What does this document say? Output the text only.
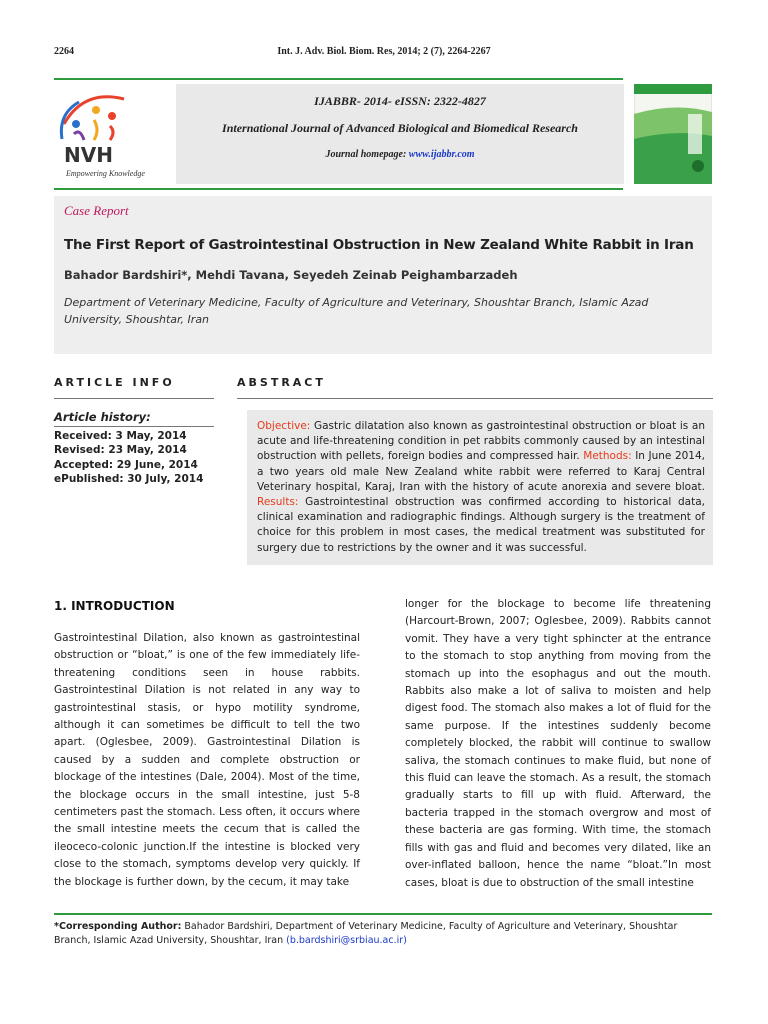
2264	Int. J. Adv. Biol. Biom. Res, 2014; 2 (7), 2264-2267
NVH
Empowering Knowledge
IJABBR- 2014- eISSN: 2322-4827
International Journal of Advanced Biological and Biomedical Research
Journal homepage: www.ijabbr.com
Case Report
The First Report of Gastrointestinal Obstruction in New Zealand White Rabbit in Iran
Bahador Bardshiri*, Mehdi Tavana, Seyedeh Zeinab Peighambarzadeh
Department of Veterinary Medicine, Faculty of Agriculture and Veterinary, Shoushtar Branch, Islamic Azad University, Shoushtar, Iran
ARTICLE INFO	ABSTRACT
Article history:
Received: 3 May, 2014
Revised: 23 May, 2014
Accepted: 29 June, 2014
ePublished: 30 July, 2014
Objective: Gastric dilatation also known as gastrointestinal obstruction or bloat is an acute and life-threatening condition in pet rabbits commonly caused by an intestinal obstruction with pellets, foreign bodies and compressed hair. Methods: In June 2014, a two years old male New Zealand white rabbit were referred to Karaj Central Veterinary hospital, Karaj, Iran with the history of acute anorexia and severe bloat. Results: Gastrointestinal obstruction was confirmed according to historical data, clinical examination and radiographic findings. Although surgery is the treatment of choice for this problem in most cases, the medical treatment was substituted for surgery due to restrictions by the owner and it was successful.
1. INTRODUCTION
Gastrointestinal Dilation, also known as gastrointestinal obstruction or “bloat,” is one of the few immediately life-threatening conditions seen in house rabbits. Gastrointestinal Dilation is not related in any way to gastrointestinal stasis, or hypo motility syndrome, although it can sometimes be difficult to tell the two apart. (Oglesbee, 2009). Gastrointestinal Dilation is caused by a sudden and complete obstruction or blockage of the intestines (Dale, 2004). Most of the time, the blockage occurs in the small intestine, just 5-8 centimeters past the stomach. Less often, it occurs where the small intestine meets the cecum that is called the ileoceco-colonic junction.If the intestine is blocked very close to the stomach, symptoms develop very quickly. If the blockage is further down, by the cecum, it may take
longer for the blockage to become life threatening (Harcourt-Brown, 2007; Oglesbee, 2009). Rabbits cannot vomit. They have a very tight sphincter at the entrance to the stomach to stop anything from moving from the stomach up into the esophagus and out the mouth. Rabbits also make a lot of saliva to moisten and help digest food. The stomach also makes a lot of fluid for the same purpose. If the intestines suddenly become completely blocked, the rabbit will continue to swallow saliva, the stomach continues to make fluid, but none of this fluid can leave the stomach. As a result, the stomach gradually starts to fill up with fluid. Afterward, the bacteria trapped in the stomach overgrow and most of these bacteria are gas forming. With time, the stomach fills with gas and fluid and becomes very dilated, like an over-inflated balloon, hence the name “bloat.”In most cases, bloat is due to obstruction of the small intestine
*Corresponding Author: Bahador Bardshiri, Department of Veterinary Medicine, Faculty of Agriculture and Veterinary, Shoushtar Branch, Islamic Azad University, Shoushtar, Iran (b.bardshiri@srbiau.ac.ir)
